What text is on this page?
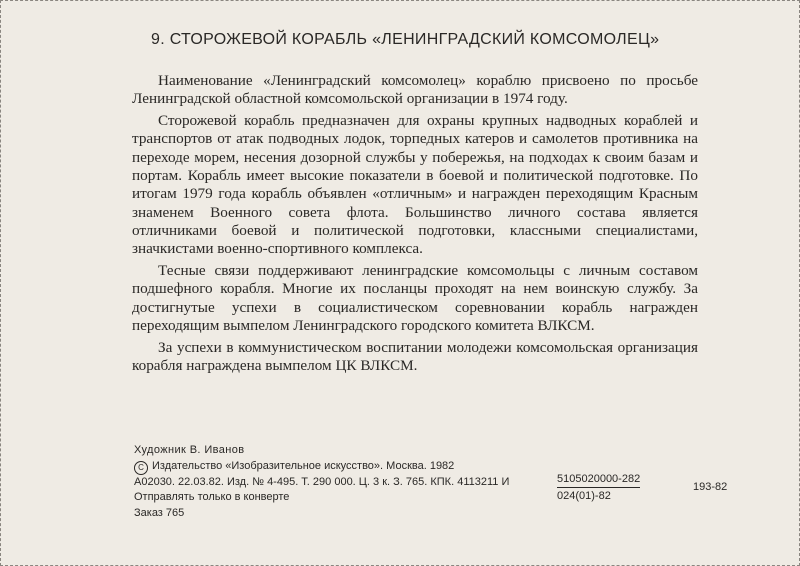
9. СТОРОЖЕВОЙ КОРАБЛЬ «ЛЕНИНГРАДСКИЙ КОМСОМОЛЕЦ»

Наименование «Ленинградский комсомолец» кораблю присвоено по просьбе Ленинградской областной комсомольской организации в 1974 году.

Сторожевой корабль предназначен для охраны крупных надводных кораблей и транспортов от атак подводных лодок, торпедных катеров и самолетов противника на переходе морем, несения дозорной службы у побережья, на подходах к своим базам и портам. Корабль имеет высокие показатели в боевой и политической подготовке. По итогам 1979 года корабль объявлен «отличным» и награжден переходящим Красным знаменем Военного совета флота. Большинство личного состава является отличниками боевой и политической подготовки, классными специалистами, значкистами военно-спортивного комплекса.

Тесные связи поддерживают ленинградские комсомольцы с личным составом подшефного корабля. Многие их посланцы проходят на нем воинскую службу. За достигнутые успехи в социалистическом соревновании корабль награжден переходящим вымпелом Ленинградского городского комитета ВЛКСМ.

За успехи в коммунистическом воспитании молодежи комсомольская организация корабля награждена вымпелом ЦК ВЛКСМ.

Художник В. Иванов
C Издательство «Изобразительное искусство». Москва. 1982
А02030. 22.03.82. Изд. № 4-495. Т. 290 000. Ц. 3 к. З. 765. КПК. 4113211 И
Отправлять только в конверте
Заказ 765
5105020000-282
024(01)-82
193-82
